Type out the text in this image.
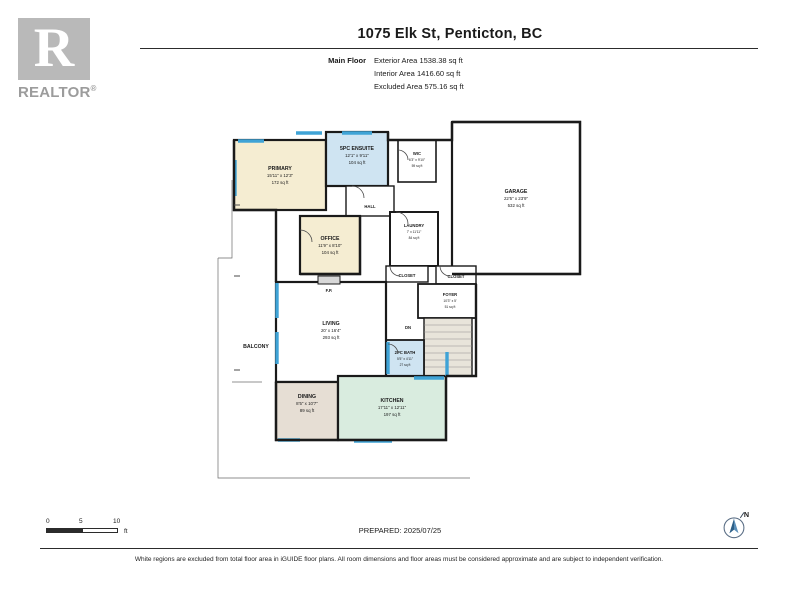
R
REALTOR®
1075 Elk St, Penticton, BC
Main Floor	Exterior Area 1538.38 sq ft
Interior Area 1416.60 sq ft
Excluded Area 575.16 sq ft
GARAGE
22'5" x 23'9"
532 sq ft
PRIMARY
15'11" x 12'3"
172 sq ft
5PC ENSUITE
12'1" x 9'11"
104 sq ft
WIC
6'3" x 9'10"
59 sq ft
HALL
LAUNDRY
7' x 11'11"
84 sq ft
OFFICE
11'9" x 8'10"
104 sq ft
CLOSET	CLOSET
FOYER
10'3" x 5'
51 sq ft
DN
2PC BATH
5'5" x 4'11"
27 sq ft
LIVING
20' x 16'4"
293 sq ft
F.P.
DINING
8'5" x 10'7"
89 sq ft
KITCHEN
17'11" x 12'11"
197 sq ft
BALCONY
0	5	10
ft	PREPARED: 2025/07/25
N
White regions are excluded from total floor area in iGUIDE floor plans. All room dimensions and floor areas must be considered approximate and are subject to independent verification.
